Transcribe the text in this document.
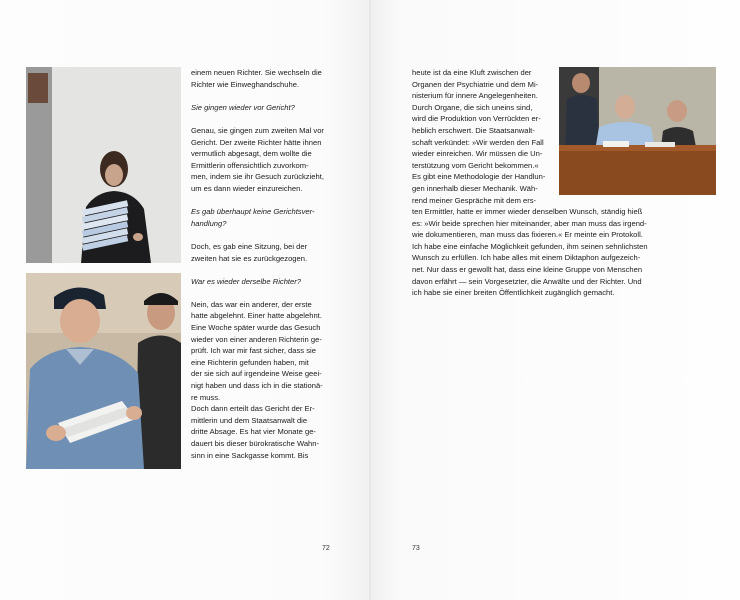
einem neuen Richter. Sie wechseln die
Richter wie Einweghandschuhe.

Sie gingen wieder vor Gericht?

Genau, sie gingen zum zweiten Mal vor
Gericht. Der zweite Richter hätte ihnen
vermutlich abgesagt, dem wollte die
Ermittlerin offensichtlich zuvorkom-
men, indem sie ihr Gesuch zurückzieht,
um es dann wieder einzureichen.

Es gab überhaupt keine Gerichtsver-
handlung?

Doch, es gab eine Sitzung, bei der
zweiten hat sie es zurückgezogen.

War es wieder derselbe Richter?

Nein, das war ein anderer, der erste
hatte abgelehnt. Einer hatte abgelehnt.
Eine Woche später wurde das Gesuch
wieder von einer anderen Richterin ge-
prüft. Ich war mir fast sicher, dass sie
eine Richterin gefunden haben, mit
der sie sich auf irgendeine Weise geei-
nigt haben und dass ich in die stationä-
re muss.

Doch dann erteilt das Gericht der Er-
mittlerin und dem Staatsanwalt die
dritte Absage. Es hat vier Monate ge-
dauert bis dieser bürokratische Wahn-
sinn in eine Sackgasse kommt. Bis

72
heute ist da eine Kluft zwischen der
Organen der Psychiatrie und dem Mi-
nisterium für innere Angelegenheiten.
Durch Organe, die sich uneins sind,
wird die Produktion von Verrückten er-
heblich erschwert. Die Staatsanwalt-
schaft verkündet: »Wir werden den Fall
wieder einreichen. Wir müssen die Un-
terstützung vom Gericht bekommen.«
Es gibt eine Methodologie der Handlun-
gen innerhalb dieser Mechanik. Wäh-
rend meiner Gespräche mit dem ers-
ten Ermittler, hatte er immer wieder denselben Wunsch, ständig hieß
es: »Wir beide sprechen hier miteinander, aber man muss das irgend-
wie dokumentieren, man muss das fixieren.« Er meinte ein Protokoll.
Ich habe eine einfache Möglichkeit gefunden, ihm seinen sehnlichsten
Wunsch zu erfüllen. Ich habe alles mit einem Diktaphon aufgezeich-
net. Nur dass er gewollt hat, dass eine kleine Gruppe von Menschen
davon erfährt — sein Vorgesetzter, die Anwälte und der Richter. Und
ich habe sie einer breiten Öffentlichkeit zugänglich gemacht.
73
